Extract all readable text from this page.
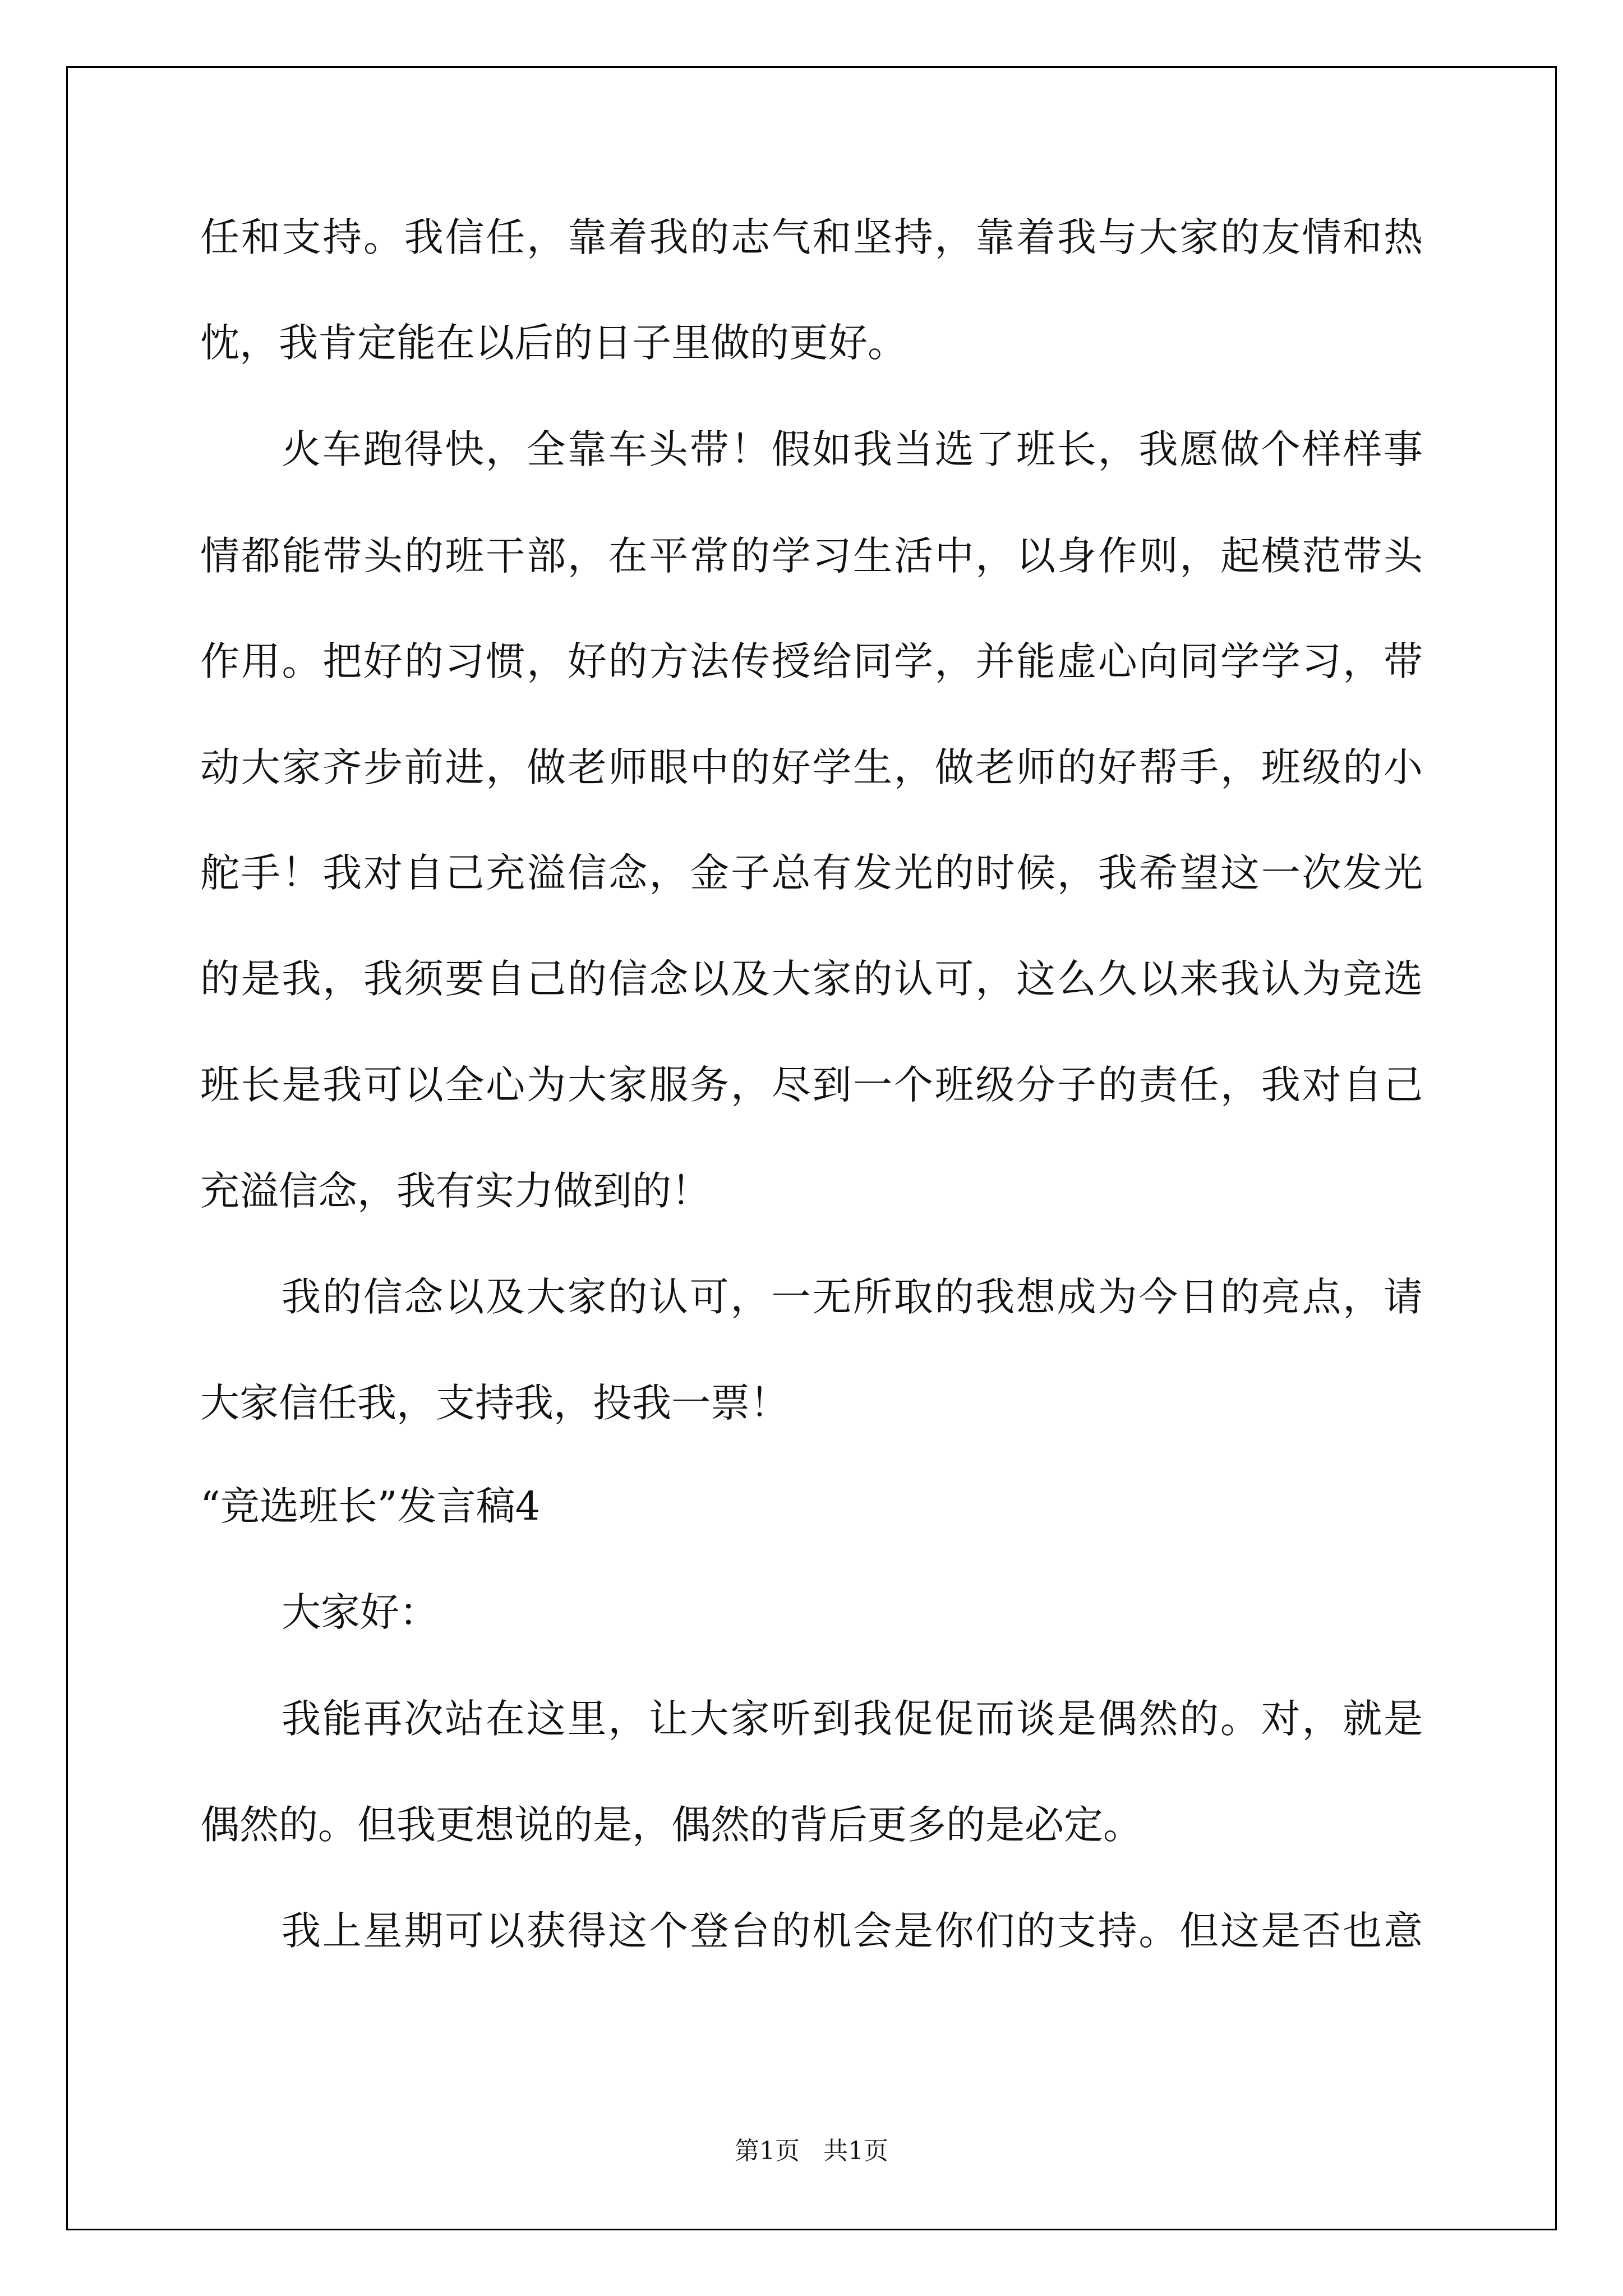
任和支持。我信任，靠着我的志气和坚持，靠着我与大家的友情和热
忱，我肯定能在以后的日子里做的更好。
火车跑得快，全靠车头带！假如我当选了班长，我愿做个样样事
情都能带头的班干部，在平常的学习生活中，以身作则，起模范带头
作用。把好的习惯，好的方法传授给同学，并能虚心向同学学习，带
动大家齐步前进，做老师眼中的好学生，做老师的好帮手，班级的小
舵手！我对自己充溢信念，金子总有发光的时候，我希望这一次发光
的是我，我须要自己的信念以及大家的认可，这么久以来我认为竞选
班长是我可以全心为大家服务，尽到一个班级分子的责任，我对自己
充溢信念，我有实力做到的！
我的信念以及大家的认可，一无所取的我想成为今日的亮点，请
大家信任我，支持我，投我一票！
“竞选班长”发言稿4
大家好：
我能再次站在这里，让大家听到我促促而谈是偶然的。对，就是
偶然的。但我更想说的是，偶然的背后更多的是必定。
我上星期可以获得这个登台的机会是你们的支持。但这是否也意
第1页   共1页
